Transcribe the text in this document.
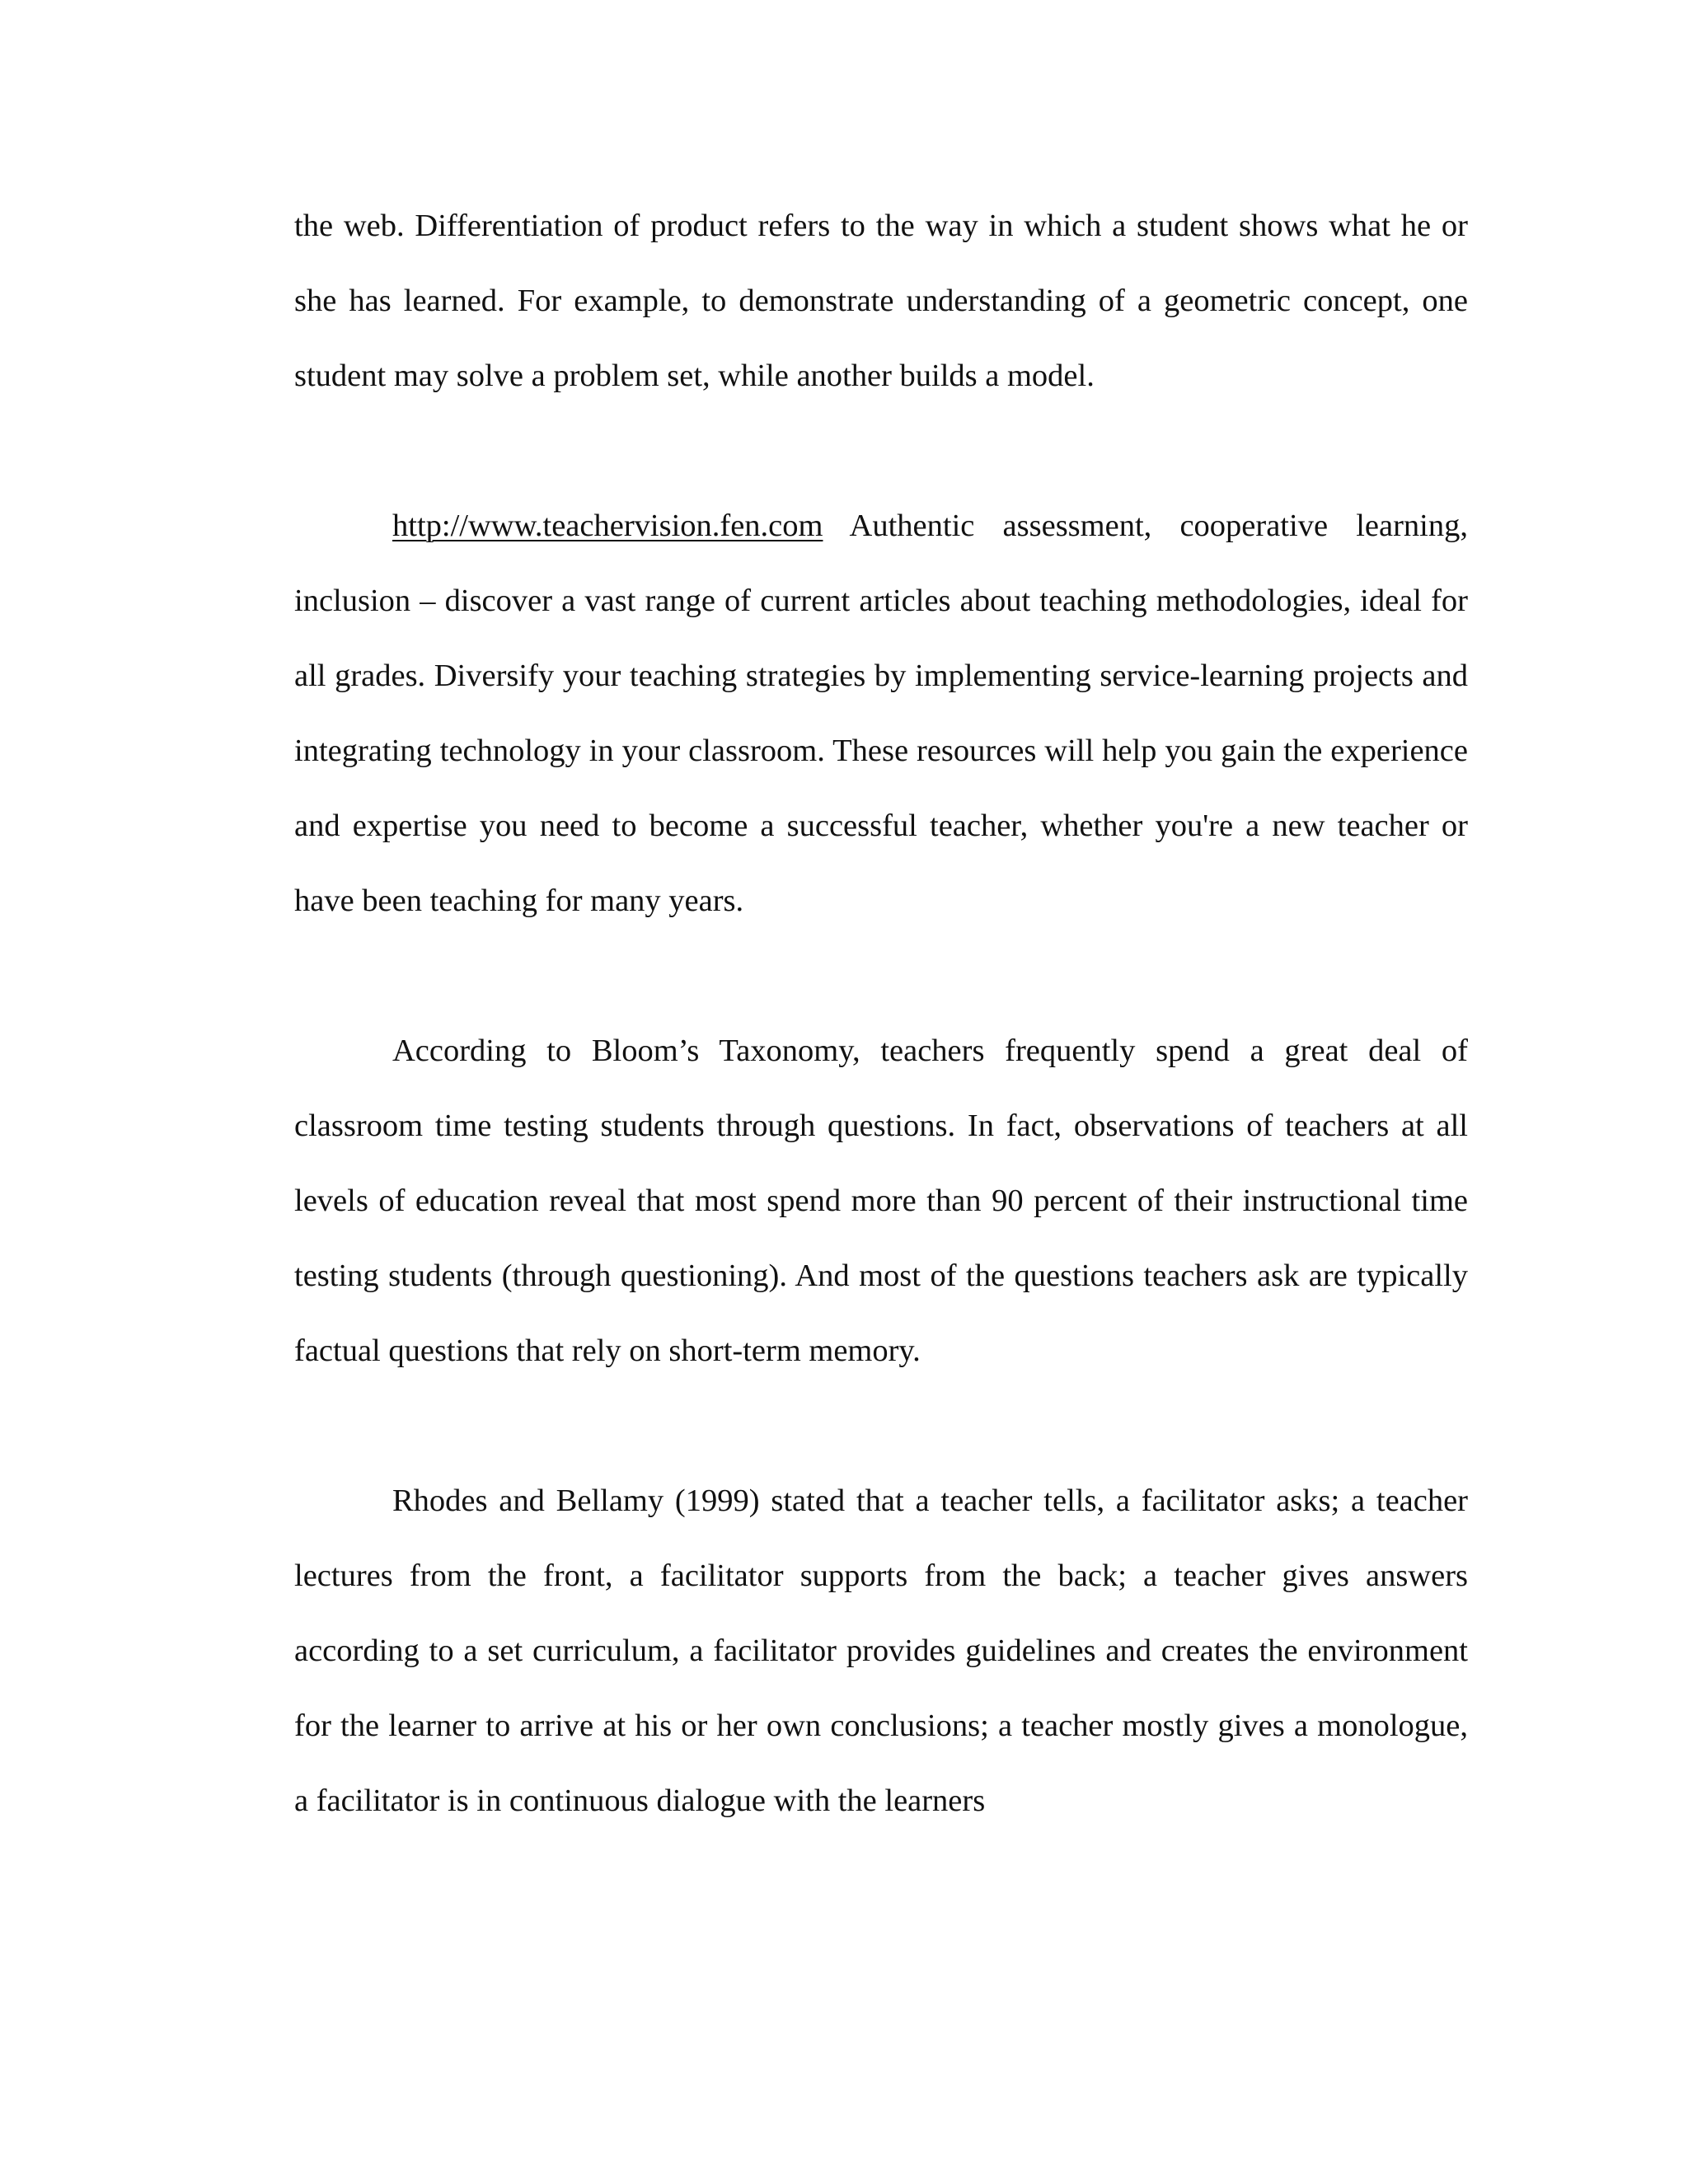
the web. Differentiation of product refers to the way in which a student shows what he or she has learned. For example, to demonstrate understanding of a geometric concept, one student may solve a problem set, while another builds a model.

http://www.teachervision.fen.com Authentic assessment, cooperative learning, inclusion – discover a vast range of current articles about teaching methodologies, ideal for all grades. Diversify your teaching strategies by implementing service-learning projects and integrating technology in your classroom. These resources will help you gain the experience and expertise you need to become a successful teacher, whether you're a new teacher or have been teaching for many years.

According to Bloom’s Taxonomy, teachers frequently spend a great deal of classroom time testing students through questions. In fact, observations of teachers at all levels of education reveal that most spend more than 90 percent of their instructional time testing students (through questioning). And most of the questions teachers ask are typically factual questions that rely on short-term memory.

Rhodes and Bellamy (1999) stated that a teacher tells, a facilitator asks; a teacher lectures from the front, a facilitator supports from the back; a teacher gives answers according to a set curriculum, a facilitator provides guidelines and creates the environment for the learner to arrive at his or her own conclusions; a teacher mostly gives a monologue, a facilitator is in continuous dialogue with the learners
